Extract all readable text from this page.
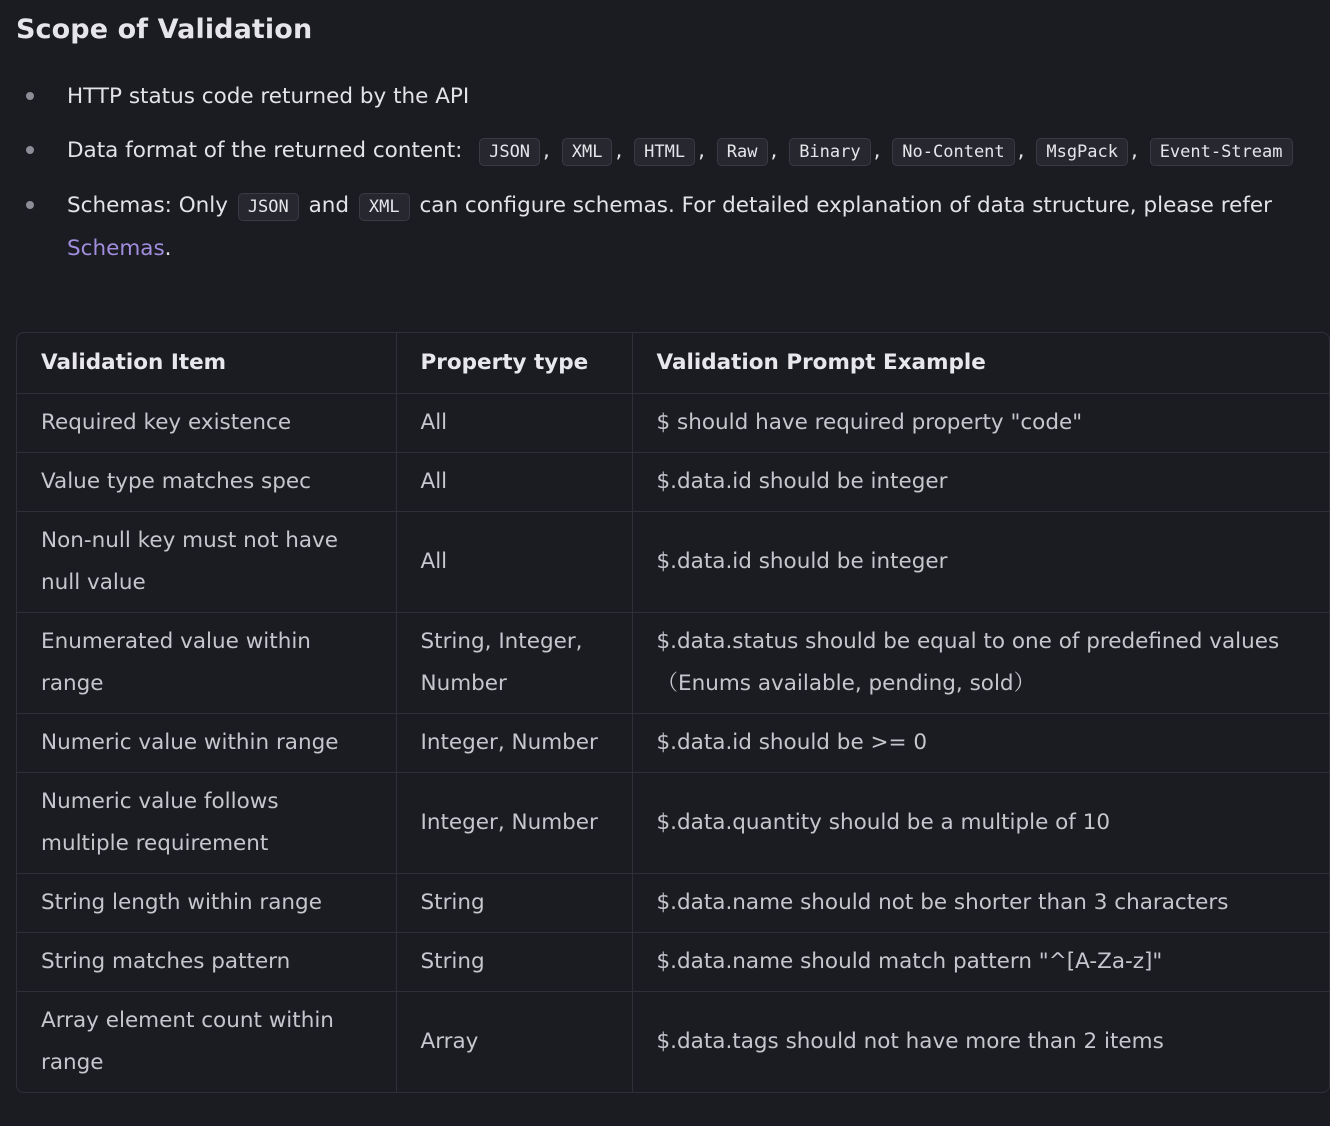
Scope of Validation
HTTP status code returned by the API
Data format of the returned content: JSON , XML , HTML , Raw , Binary , No-Content , MsgPack , Event-Stream
Schemas: Only JSON and XML can configure schemas. For detailed explanation of data structure, please refer Schemas.
Validation Item	Property type	Validation Prompt Example
Required key existence	All	$ should have required property "code"
Value type matches spec	All	$.data.id should be integer
Non-null key must not have null value	All	$.data.id should be integer
Enumerated value within range	String, Integer, Number	$.data.status should be equal to one of predefined values （Enums available, pending, sold）
Numeric value within range	Integer, Number	$.data.id should be >= 0
Numeric value follows multiple requirement	Integer, Number	$.data.quantity should be a multiple of 10
String length within range	String	$.data.name should not be shorter than 3 characters
String matches pattern	String	$.data.name should match pattern "^[A-Za-z]"
Array element count within range	Array	$.data.tags should not have more than 2 items
